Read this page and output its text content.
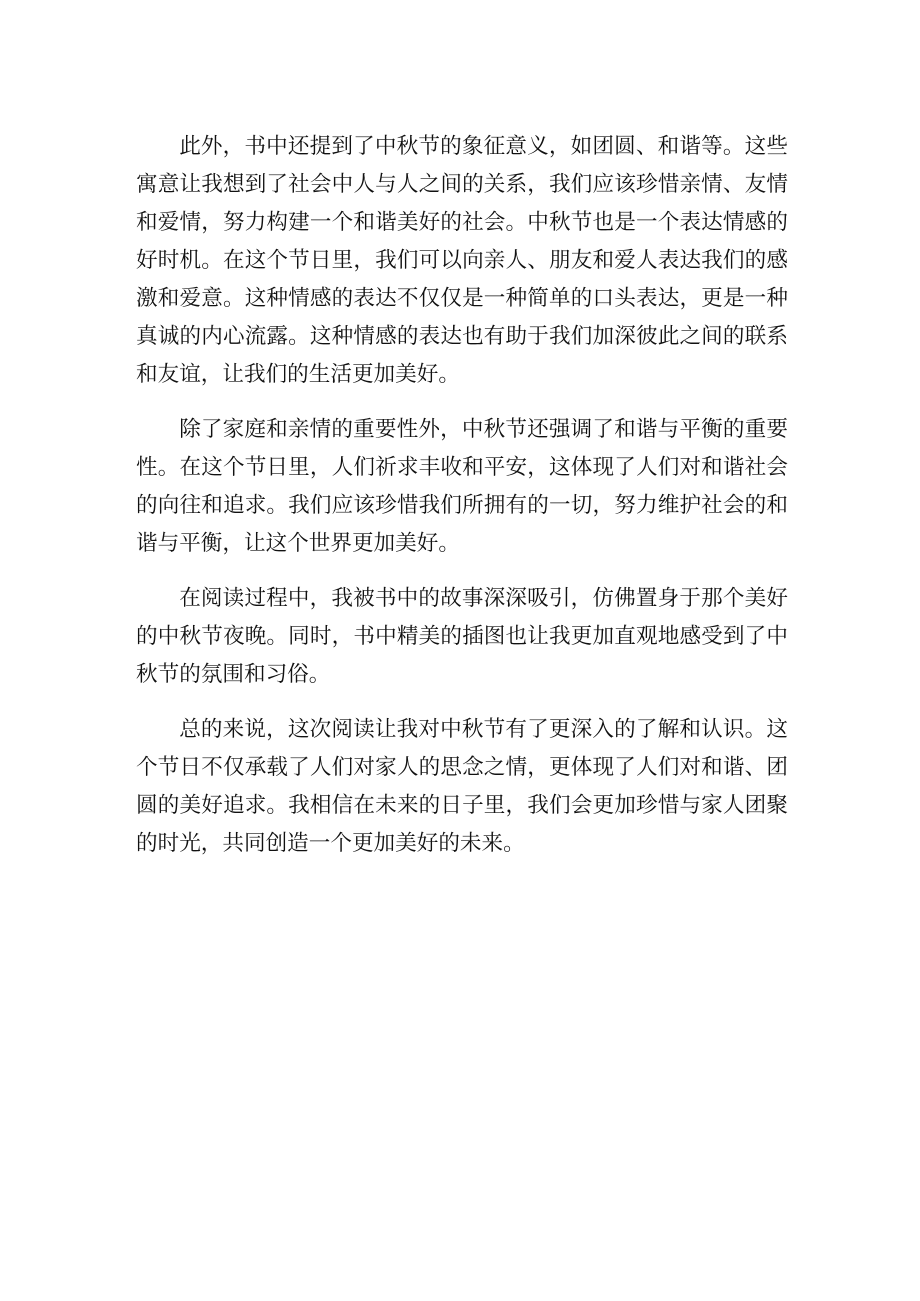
此外，书中还提到了中秋节的象征意义，如团圆、和谐等。这些寓意让我想到了社会中人与人之间的关系，我们应该珍惜亲情、友情和爱情，努力构建一个和谐美好的社会。中秋节也是一个表达情感的好时机。在这个节日里，我们可以向亲人、朋友和爱人表达我们的感激和爱意。这种情感的表达不仅仅是一种简单的口头表达，更是一种真诚的内心流露。这种情感的表达也有助于我们加深彼此之间的联系和友谊，让我们的生活更加美好。

除了家庭和亲情的重要性外，中秋节还强调了和谐与平衡的重要性。在这个节日里，人们祈求丰收和平安，这体现了人们对和谐社会的向往和追求。我们应该珍惜我们所拥有的一切，努力维护社会的和谐与平衡，让这个世界更加美好。

在阅读过程中，我被书中的故事深深吸引，仿佛置身于那个美好的中秋节夜晚。同时，书中精美的插图也让我更加直观地感受到了中秋节的氛围和习俗。

总的来说，这次阅读让我对中秋节有了更深入的了解和认识。这个节日不仅承载了人们对家人的思念之情，更体现了人们对和谐、团圆的美好追求。我相信在未来的日子里，我们会更加珍惜与家人团聚的时光，共同创造一个更加美好的未来。
